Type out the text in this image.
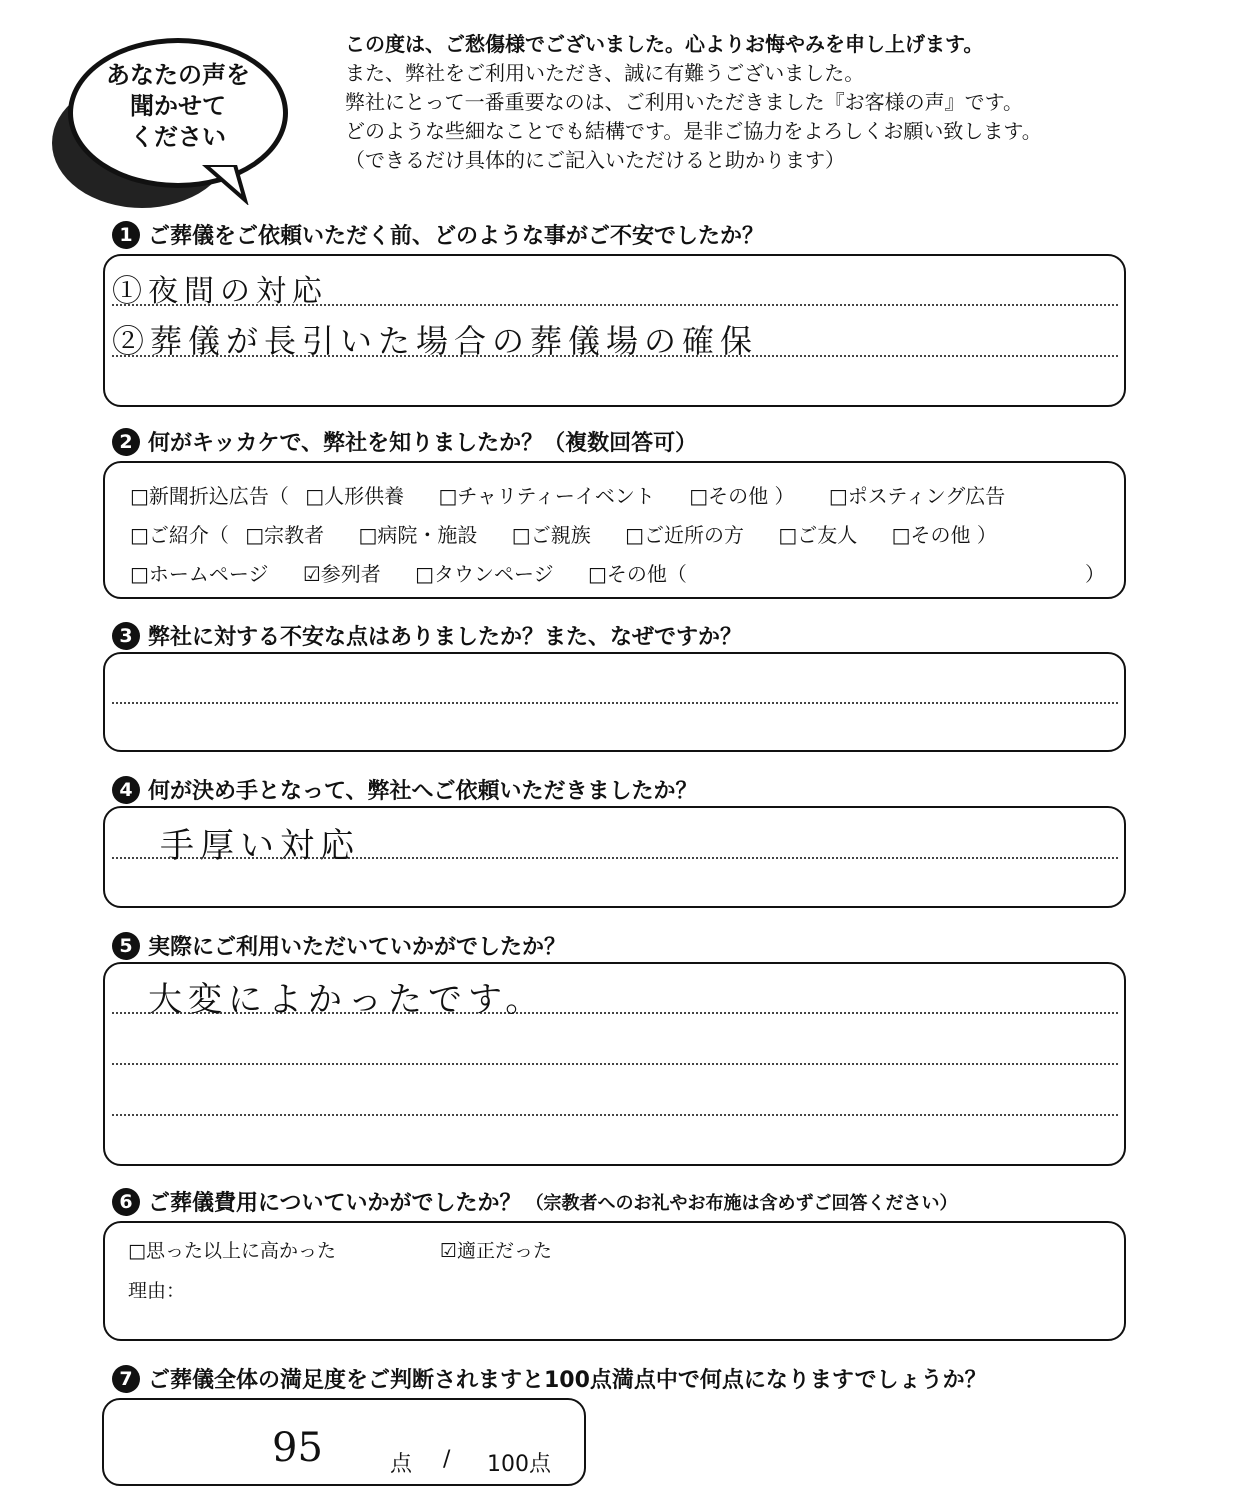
あなたの声を
聞かせて
ください
この度は、ご愁傷様でございました。心よりお悔やみを申し上げます。
また、弊社をご利用いただき、誠に有難うございました。
弊社にとって一番重要なのは、ご利用いただきました『お客様の声』です。
どのような些細なことでも結構です。是非ご協力をよろしくお願い致します。
（できるだけ具体的にご記入いただけると助かります）
1 ご葬儀をご依頼いただく前、どのような事がご不安でしたか？
①夜間の対応
②葬儀が長引いた場合の葬儀場の確保
2 何がキッカケで、弊社を知りましたか？（複数回答可）
□新聞折込広告（ □人形供養 □チャリティーイベント □その他 ） □ポスティング広告
□ご紹介（ □宗教者 □病院・施設 □ご親族 □ご近所の方 □ご友人 □その他 ）
□ホームページ ☑参列者 □タウンページ □その他（	）
3 弊社に対する不安な点はありましたか？また、なぜですか？
4 何が決め手となって、弊社へご依頼いただきましたか？
手厚い対応
5 実際にご利用いただいていかがでしたか？
大変によかったです。
6 ご葬儀費用についていかがでしたか？ （宗教者へのお礼やお布施は含めずご回答ください）
□思った以上に高かった	☑適正だった
理由：
7 ご葬儀全体の満足度をご判断されますと100点満点中で何点になりますでしょうか？
95	点 / 100点
